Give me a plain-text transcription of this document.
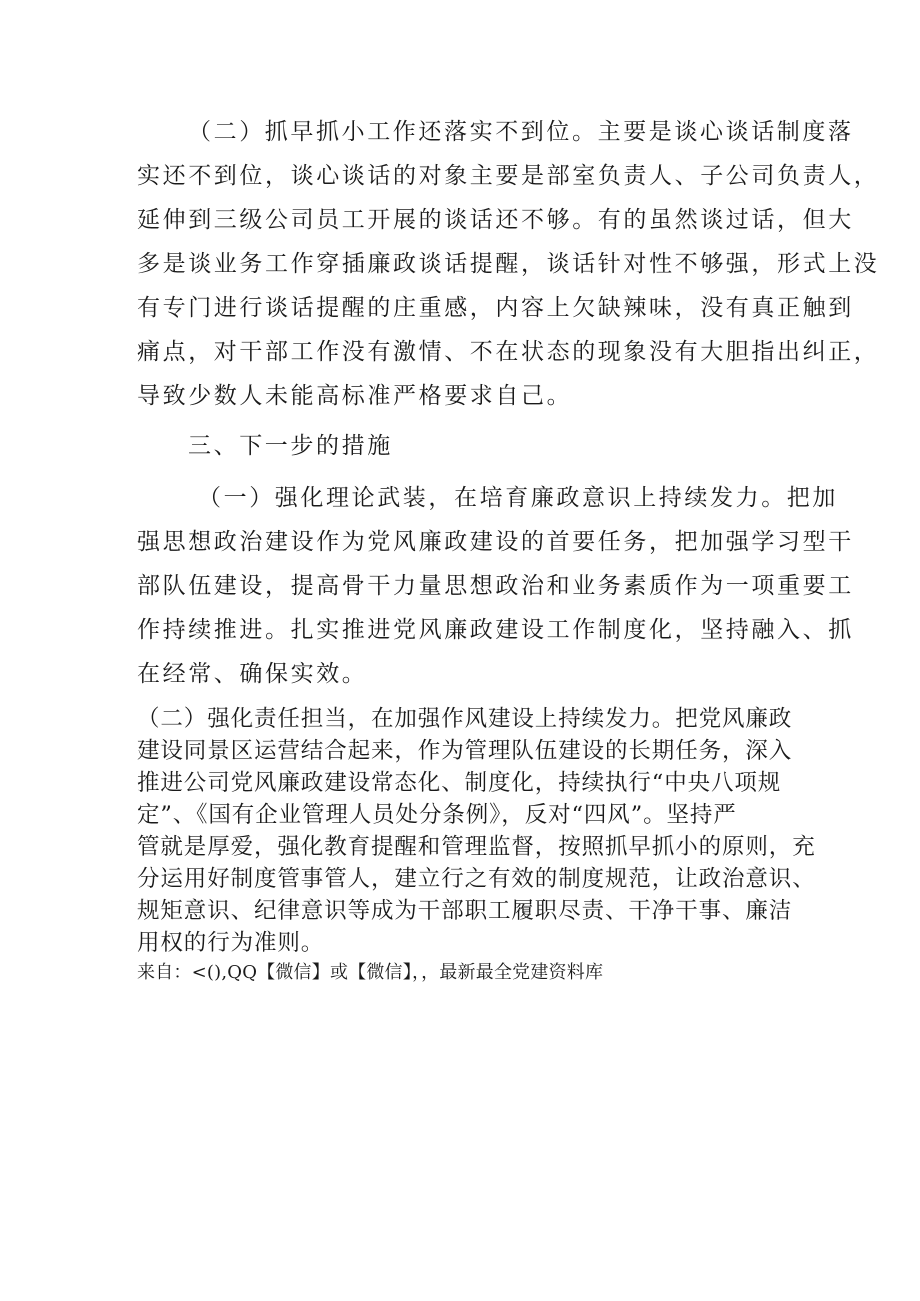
（二）抓早抓小工作还落实不到位。主要是谈心谈话制度落
实还不到位，谈心谈话的对象主要是部室负责人、子公司负责人，
延伸到三级公司员工开展的谈话还不够。有的虽然谈过话，但大
多是谈业务工作穿插廉政谈话提醒，谈话针对性不够强，形式上没
有专门进行谈话提醒的庄重感，内容上欠缺辣味，没有真正触到
痛点，对干部工作没有激情、不在状态的现象没有大胆指出纠正，
导致少数人未能高标准严格要求自己。
三、下一步的措施
（一）强化理论武装，在培育廉政意识上持续发力。把加
强思想政治建设作为党风廉政建设的首要任务，把加强学习型干
部队伍建设，提高骨干力量思想政治和业务素质作为一项重要工
作持续推进。扎实推进党风廉政建设工作制度化，坚持融入、抓
在经常、确保实效。
（二）强化责任担当，在加强作风建设上持续发力。把党风廉政
建设同景区运营结合起来，作为管理队伍建设的长期任务，深入
推进公司党风廉政建设常态化、制度化，持续执行“中央八项规
定”、《国有企业管理人员处分条例》，反对“四风”。坚持严
管就是厚爱，强化教育提醒和管理监督，按照抓早抓小的原则，充
分运用好制度管事管人，建立行之有效的制度规范，让政治意识、
规矩意识、纪律意识等成为干部职工履职尽责、干净干事、廉洁
用权的行为准则。
来自：<(),QQ【微信】或【微信】，，最新最全党建资料库
